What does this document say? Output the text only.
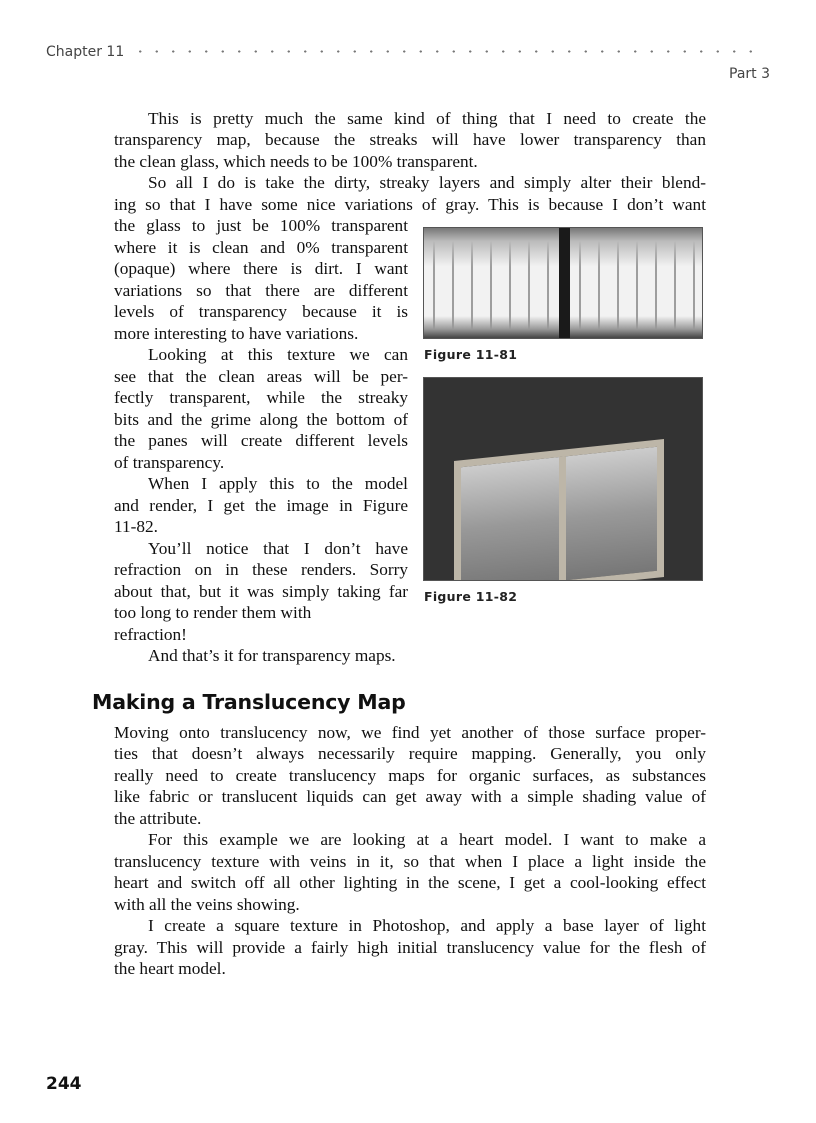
Chapter 11
Part 3
This is pretty much the same kind of thing that I need to create the
transparency map, because the streaks will have lower transparency than
the clean glass, which needs to be 100% transparent.
So all I do is take the dirty, streaky layers and simply alter their blend-
ing so that I have some nice variations of gray. This is because I don’t want
the glass to just be 100% transparent
where it is clean and 0% transparent
(opaque) where there is dirt. I want
variations so that there are different
levels of transparency because it is
more interesting to have variations.
Looking at this texture we can
see that the clean areas will be per-
fectly transparent, while the streaky
bits and the grime along the bottom of
the panes will create different levels
of transparency.
When I apply this to the model
and render, I get the image in Figure
11-82.
You’ll notice that I don’t have
refraction on in these renders. Sorry
about that, but it was simply taking far
too long to render them with
refraction!
And that’s it for transparency maps.
Moving onto translucency now, we find yet another of those surface proper-
ties that doesn’t always necessarily require mapping. Generally, you only
really need to create translucency maps for organic surfaces, as substances
like fabric or translucent liquids can get away with a simple shading value of
the attribute.
For this example we are looking at a heart model. I want to make a
translucency texture with veins in it, so that when I place a light inside the
heart and switch off all other lighting in the scene, I get a cool-looking effect
with all the veins showing.
I create a square texture in Photoshop, and apply a base layer of light
gray. This will provide a fairly high initial translucency value for the flesh of
the heart model.
Making a Translucency Map
Figure 11-81
Figure 11-82
244
